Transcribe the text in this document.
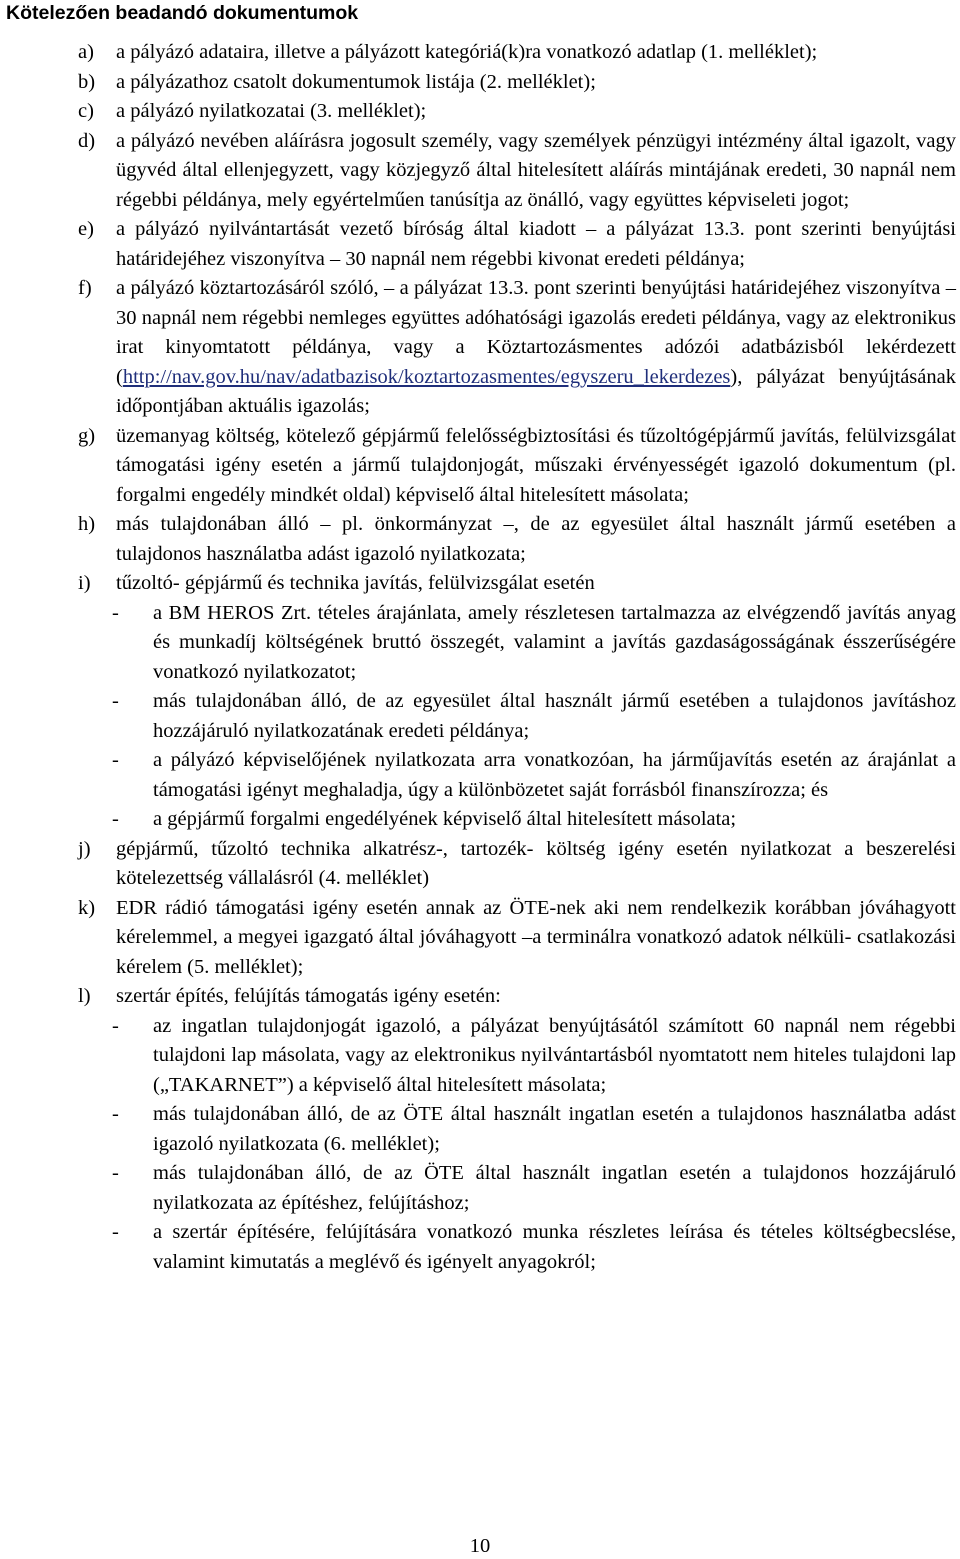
Kötelezően beadandó dokumentumok
a) a pályázó adataira, illetve a pályázott kategóriá(k)ra vonatkozó adatlap (1. melléklet);
b) a pályázathoz csatolt dokumentumok listája (2. melléklet);
c) a pályázó nyilatkozatai (3. melléklet);
d) a pályázó nevében aláírásra jogosult személy, vagy személyek pénzügyi intézmény által igazolt, vagy ügyvéd által ellenjegyzett, vagy közjegyző által hitelesített aláírás mintájának eredeti, 30 napnál nem régebbi példánya, mely egyértelműen tanúsítja az önálló, vagy együttes képviseleti jogot;
e) a pályázó nyilvántartását vezető bíróság által kiadott – a pályázat 13.3. pont szerinti benyújtási határidejéhez viszonyítva – 30 napnál nem régebbi kivonat eredeti példánya;
f) a pályázó köztartozásáról szóló, – a pályázat 13.3. pont szerinti benyújtási határidejéhez viszonyítva – 30 napnál nem régebbi nemleges együttes adóhatósági igazolás eredeti példánya, vagy az elektronikus irat kinyomtatott példánya, vagy a Köztartozásmentes adózói adatbázisból lekérdezett (http://nav.gov.hu/nav/adatbazisok/koztartozasmentes/egyszeru_lekerdezes), pályázat benyújtásának időpontjában aktuális igazolás;
g) üzemanyag költség, kötelező gépjármű felelősségbiztosítási és tűzoltógépjármű javítás, felülvizsgálat támogatási igény esetén a jármű tulajdonjogát, műszaki érvényességét igazoló dokumentum (pl. forgalmi engedély mindkét oldal) képviselő által hitelesített másolata;
h) más tulajdonában álló – pl. önkormányzat –, de az egyesület által használt jármű esetében a tulajdonos használatba adást igazoló nyilatkozata;
i) tűzoltó- gépjármű és technika javítás, felülvizsgálat esetén
- a BM HEROS Zrt. tételes árajánlata, amely részletesen tartalmazza az elvégzendő javítás anyag és munkadíj költségének bruttó összegét, valamint a javítás gazdaságosságának ésszerűségére vonatkozó nyilatkozatot;
- más tulajdonában álló, de az egyesület által használt jármű esetében a tulajdonos javításhoz hozzájáruló nyilatkozatának eredeti példánya;
- a pályázó képviselőjének nyilatkozata arra vonatkozóan, ha járműjavítás esetén az árajánlat a támogatási igényt meghaladja, úgy a különbözetet saját forrásból finanszírozza; és
- a gépjármű forgalmi engedélyének képviselő által hitelesített másolata;
j) gépjármű, tűzoltó technika alkatrész-, tartozék- költség igény esetén nyilatkozat a beszerelési kötelezettség vállalásról (4. melléklet)
k) EDR rádió támogatási igény esetén annak az ÖTE-nek aki nem rendelkezik korábban jóváhagyott kérelemmel, a megyei igazgató által jóváhagyott –a terminálra vonatkozó adatok nélküli- csatlakozási kérelem (5. melléklet);
l) szertár építés, felújítás támogatás igény esetén:
- az ingatlan tulajdonjogát igazoló, a pályázat benyújtásától számított 60 napnál nem régebbi tulajdoni lap másolata, vagy az elektronikus nyilvántartásból nyomtatott nem hiteles tulajdoni lap („TAKARNET”) a képviselő által hitelesített másolata;
- más tulajdonában álló, de az ÖTE által használt ingatlan esetén a tulajdonos használatba adást igazoló nyilatkozata (6. melléklet);
- más tulajdonában álló, de az ÖTE által használt ingatlan esetén a tulajdonos hozzájáruló nyilatkozata az építéshez, felújításhoz;
- a szertár építésére, felújítására vonatkozó munka részletes leírása és tételes költségbecslése, valamint kimutatás a meglévő és igényelt anyagokról;
10
